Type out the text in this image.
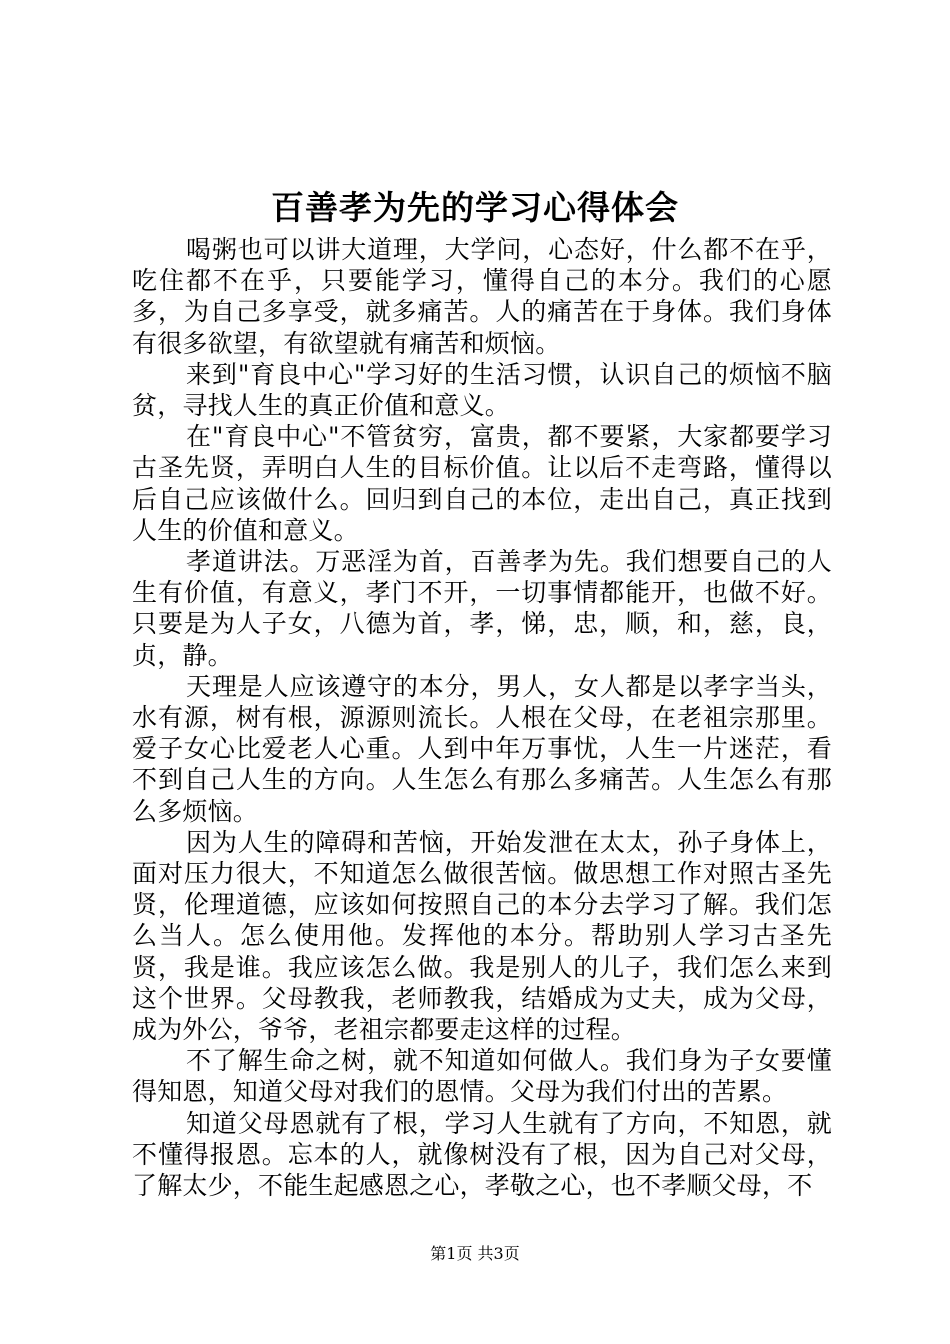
百善孝为先的学习心得体会

喝粥也可以讲大道理，大学问，心态好，什么都不在乎，吃住都不在乎，只要能学习，懂得自己的本分。我们的心愿多，为自己多享受，就多痛苦。人的痛苦在于身体。我们身体有很多欲望，有欲望就有痛苦和烦恼。

来到"育良中心"学习好的生活习惯，认识自己的烦恼不脑贫，寻找人生的真正价值和意义。

在"育良中心"不管贫穷，富贵，都不要紧，大家都要学习古圣先贤，弄明白人生的目标价值。让以后不走弯路，懂得以后自己应该做什么。回归到自己的本位，走出自己，真正找到人生的价值和意义。

孝道讲法。万恶淫为首，百善孝为先。我们想要自己的人生有价值，有意义，孝门不开，一切事情都能开，也做不好。只要是为人子女，八德为首，孝，悌，忠，顺，和，慈，良，贞，静。

天理是人应该遵守的本分，男人，女人都是以孝字当头，水有源，树有根，源源则流长。人根在父母，在老祖宗那里。爱子女心比爱老人心重。人到中年万事忧，人生一片迷茫，看不到自己人生的方向。人生怎么有那么多痛苦。人生怎么有那么多烦恼。

因为人生的障碍和苦恼，开始发泄在太太，孙子身体上，面对压力很大，不知道怎么做很苦恼。做思想工作对照古圣先贤，伦理道德，应该如何按照自己的本分去学习了解。我们怎么当人。怎么使用他。发挥他的本分。帮助别人学习古圣先贤，我是谁。我应该怎么做。我是别人的儿子，我们怎么来到这个世界。父母教我，老师教我，结婚成为丈夫，成为父母，成为外公，爷爷，老祖宗都要走这样的过程。

不了解生命之树，就不知道如何做人。我们身为子女要懂得知恩，知道父母对我们的恩情。父母为我们付出的苦累。

知道父母恩就有了根，学习人生就有了方向，不知恩，就不懂得报恩。忘本的人，就像树没有了根，因为自己对父母，了解太少，不能生起感恩之心，孝敬之心，也不孝顺父母，不

第1页 共3页
